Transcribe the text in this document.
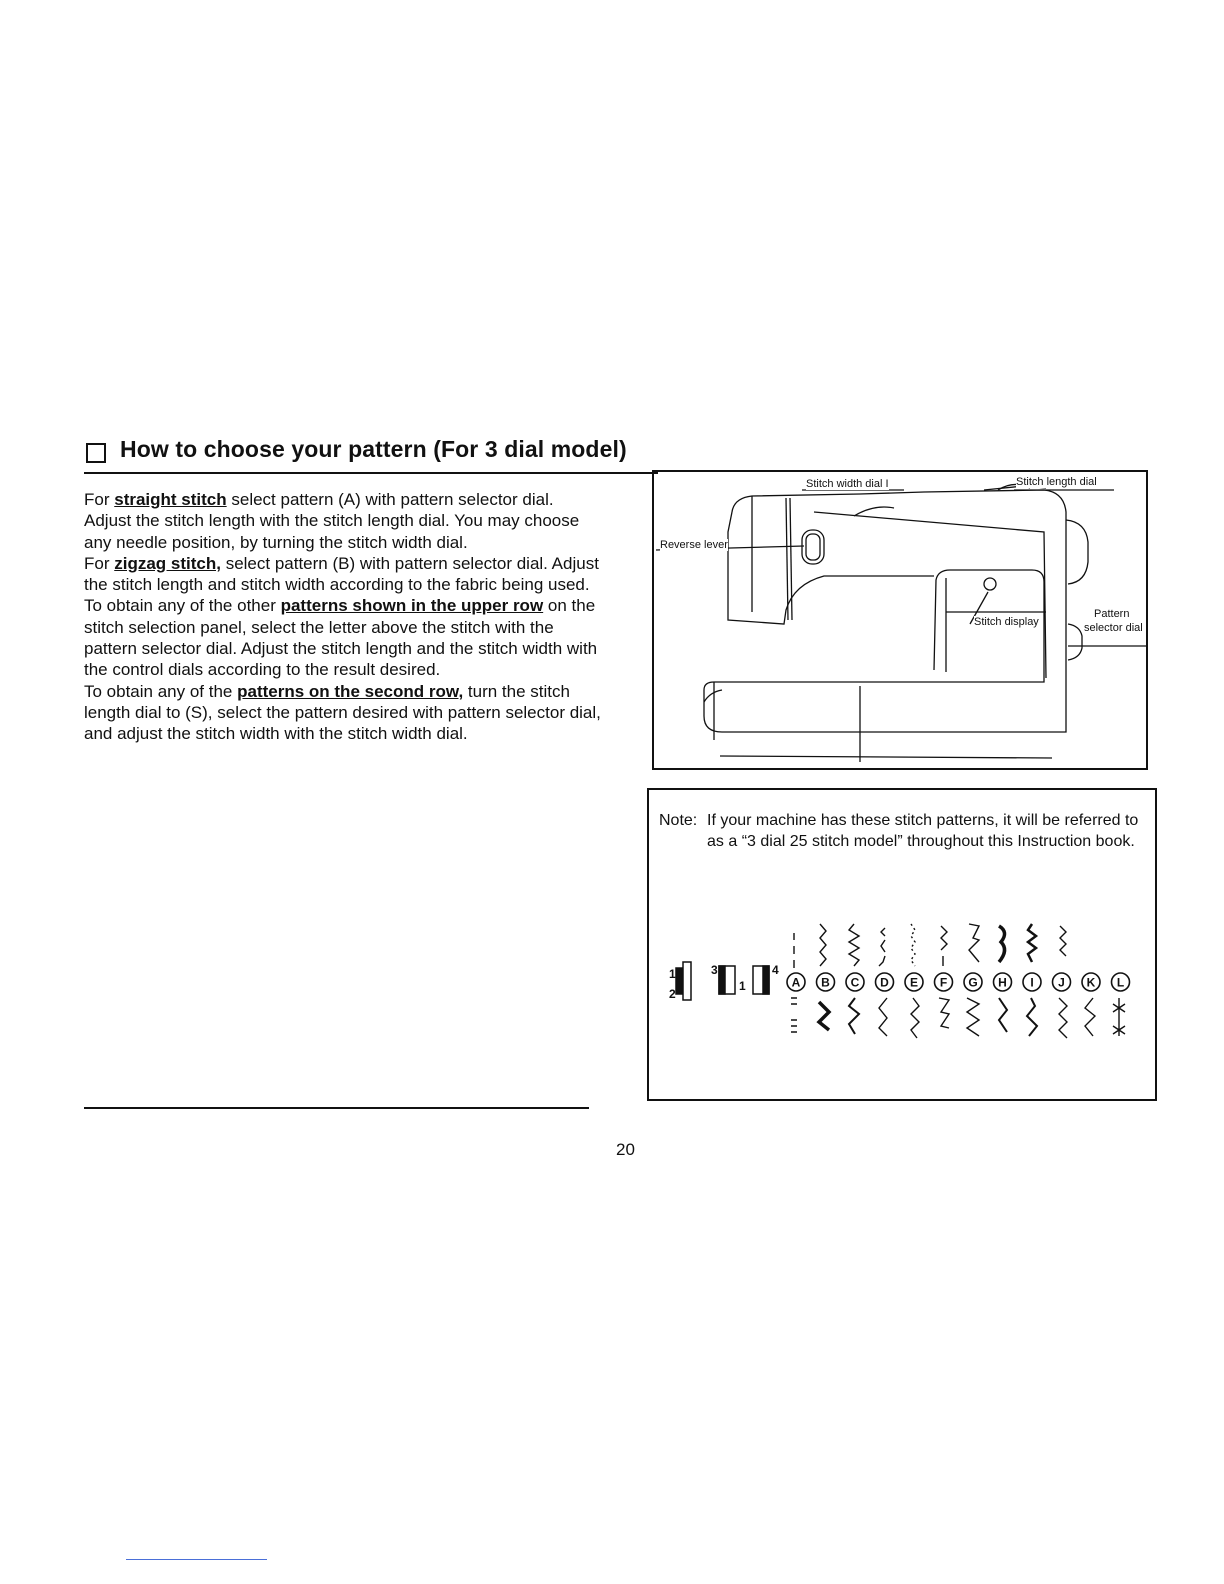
How to choose your pattern (For 3 dial model)

For straight stitch select pattern (A) with pattern selector dial. Adjust the stitch length with the stitch length dial. You may choose any needle position, by turning the stitch width dial.

For zigzag stitch, select pattern (B) with pattern selector dial. Adjust the stitch length and stitch width according to the fabric being used.

To obtain any of the other patterns shown in the upper row on the stitch selection panel, select the letter above the stitch with the pattern selector dial. Adjust the stitch length and the stitch width with the control dials according to the result desired.

To obtain any of the patterns on the second row, turn the stitch length dial to (S), select the pattern desired with pattern selector dial, and adjust the stitch width with the stitch width dial.

Stitch width dial I	Stitch length dial
Reverse lever
Stitch display
Pattern
selector dial
Note: If your machine has these stitch patterns, it will be referred to as a “3 dial 25 stitch model” throughout this Instruction book.
1
2
3
1
4
A B C D E F G H I J K L
20
